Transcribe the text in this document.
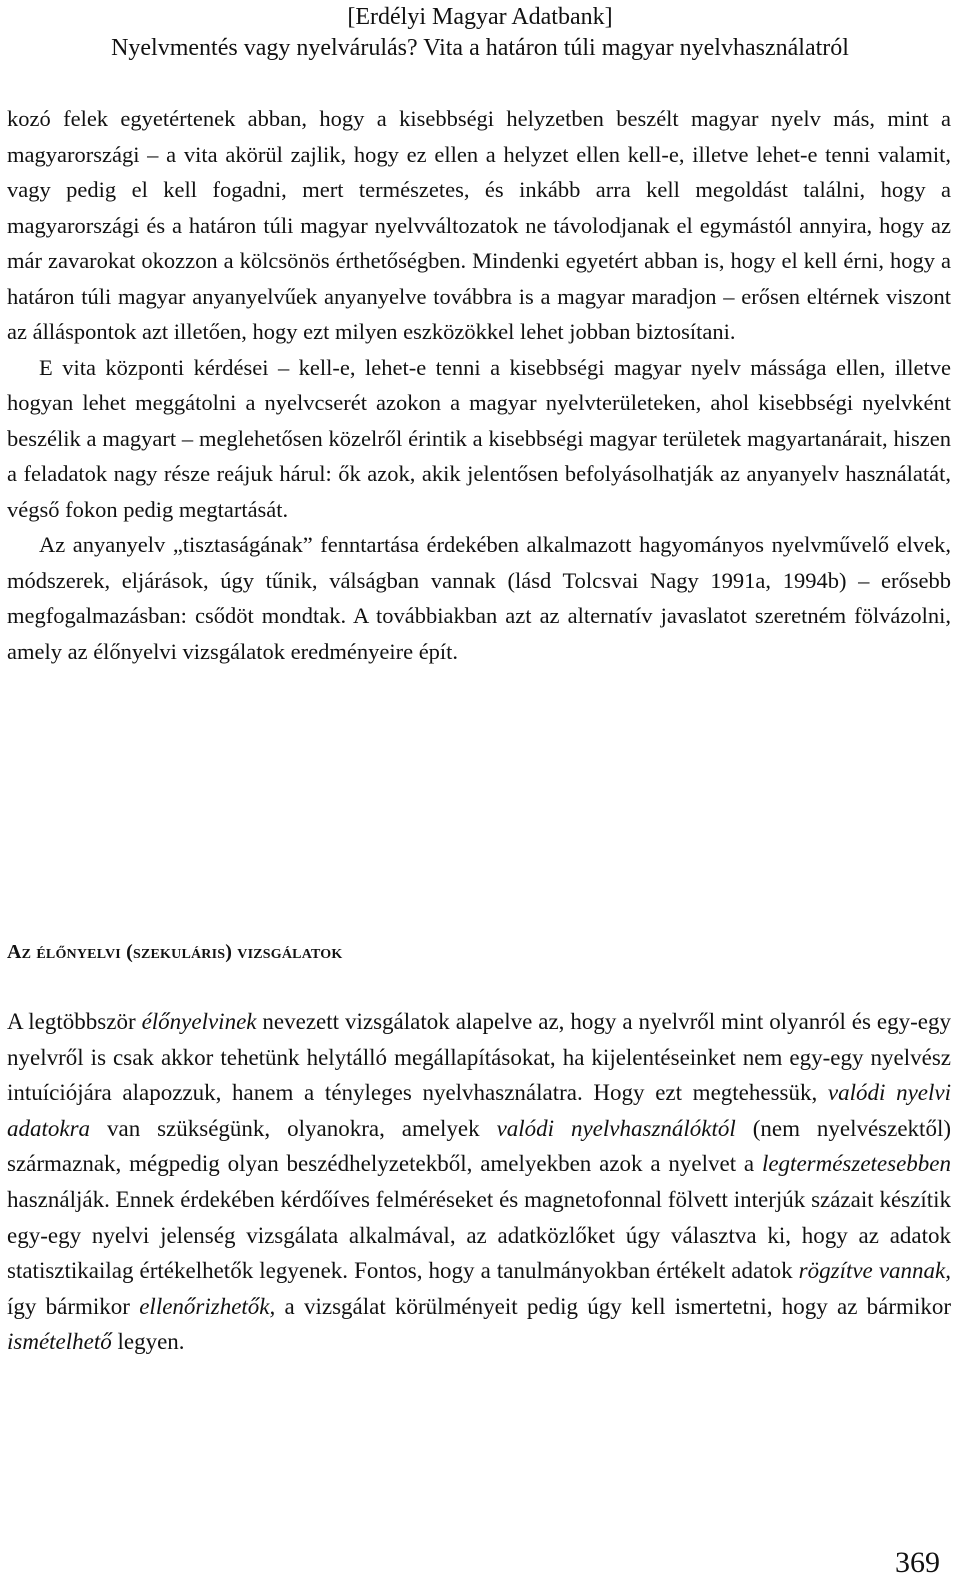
[Erdélyi Magyar Adatbank]
Nyelvmentés vagy nyelvárulás? Vita a határon túli magyar nyelvhasználatról

kozó felek egyetértenek abban, hogy a kisebbségi helyzetben beszélt magyar nyelv más, mint a magyarországi – a vita akörül zajlik, hogy ez ellen a helyzet ellen kell-e, illetve lehet-e tenni valamit, vagy pedig el kell fogadni, mert természetes, és inkább arra kell megoldást találni, hogy a magyarországi és a határon túli magyar nyelvváltozatok ne távolodjanak el egymástól annyira, hogy az már zavarokat okozzon a kölcsönös érthetőségben. Mindenki egyetért abban is, hogy el kell érni, hogy a határon túli magyar anyanyelvűek anyanyelve továbbra is a magyar maradjon – erősen eltérnek viszont az álláspontok azt illetően, hogy ezt milyen eszközökkel lehet jobban biztosítani.

E vita központi kérdései – kell-e, lehet-e tenni a kisebbségi magyar nyelv mássága ellen, illetve hogyan lehet meggátolni a nyelvcserét azokon a magyar nyelvterületeken, ahol kisebbségi nyelvként beszélik a magyart – meglehetősen közelről érintik a kisebbségi magyar területek magyartanárait, hiszen a feladatok nagy része reájuk hárul: ők azok, akik jelentősen befolyásolhatják az anyanyelv használatát, végső fokon pedig megtartását.

Az anyanyelv „tisztaságának” fenntartása érdekében alkalmazott hagyományos nyelvművelő elvek, módszerek, eljárások, úgy tűnik, válságban vannak (lásd Tolcsvai Nagy 1991a, 1994b) – erősebb megfogalmazásban: csődöt mondtak. A továbbiakban azt az alternatív javaslatot szeretném fölvázolni, amely az élőnyelvi vizsgálatok eredményeire épít.

Az élőnyelvi (szekuláris) vizsgálatok

A legtöbbször élőnyelvinek nevezett vizsgálatok alapelve az, hogy a nyelvről mint olyanról és egy-egy nyelvről is csak akkor tehetünk helytálló megállapításokat, ha kijelentéseinket nem egy-egy nyelvész intuíciójára alapozzuk, hanem a tényleges nyelvhasználatra. Hogy ezt megtehessük, valódi nyelvi adatokra van szükségünk, olyanokra, amelyek valódi nyelvhasználóktól (nem nyelvészektől) származnak, mégpedig olyan beszédhelyzetekből, amelyekben azok a nyelvet a legtermészetesebben használják. Ennek érdekében kérdőíves felméréseket és magnetofonnal fölvett interjúk százait készítik egy-egy nyelvi jelenség vizsgálata alkalmával, az adatközlőket úgy választva ki, hogy az adatok statisztikailag értékelhetők legyenek. Fontos, hogy a tanulmányokban értékelt adatok rögzítve vannak, így bármikor ellenőrizhetők, a vizsgálat körülményeit pedig úgy kell ismertetni, hogy az bármikor ismételhető legyen.

369
